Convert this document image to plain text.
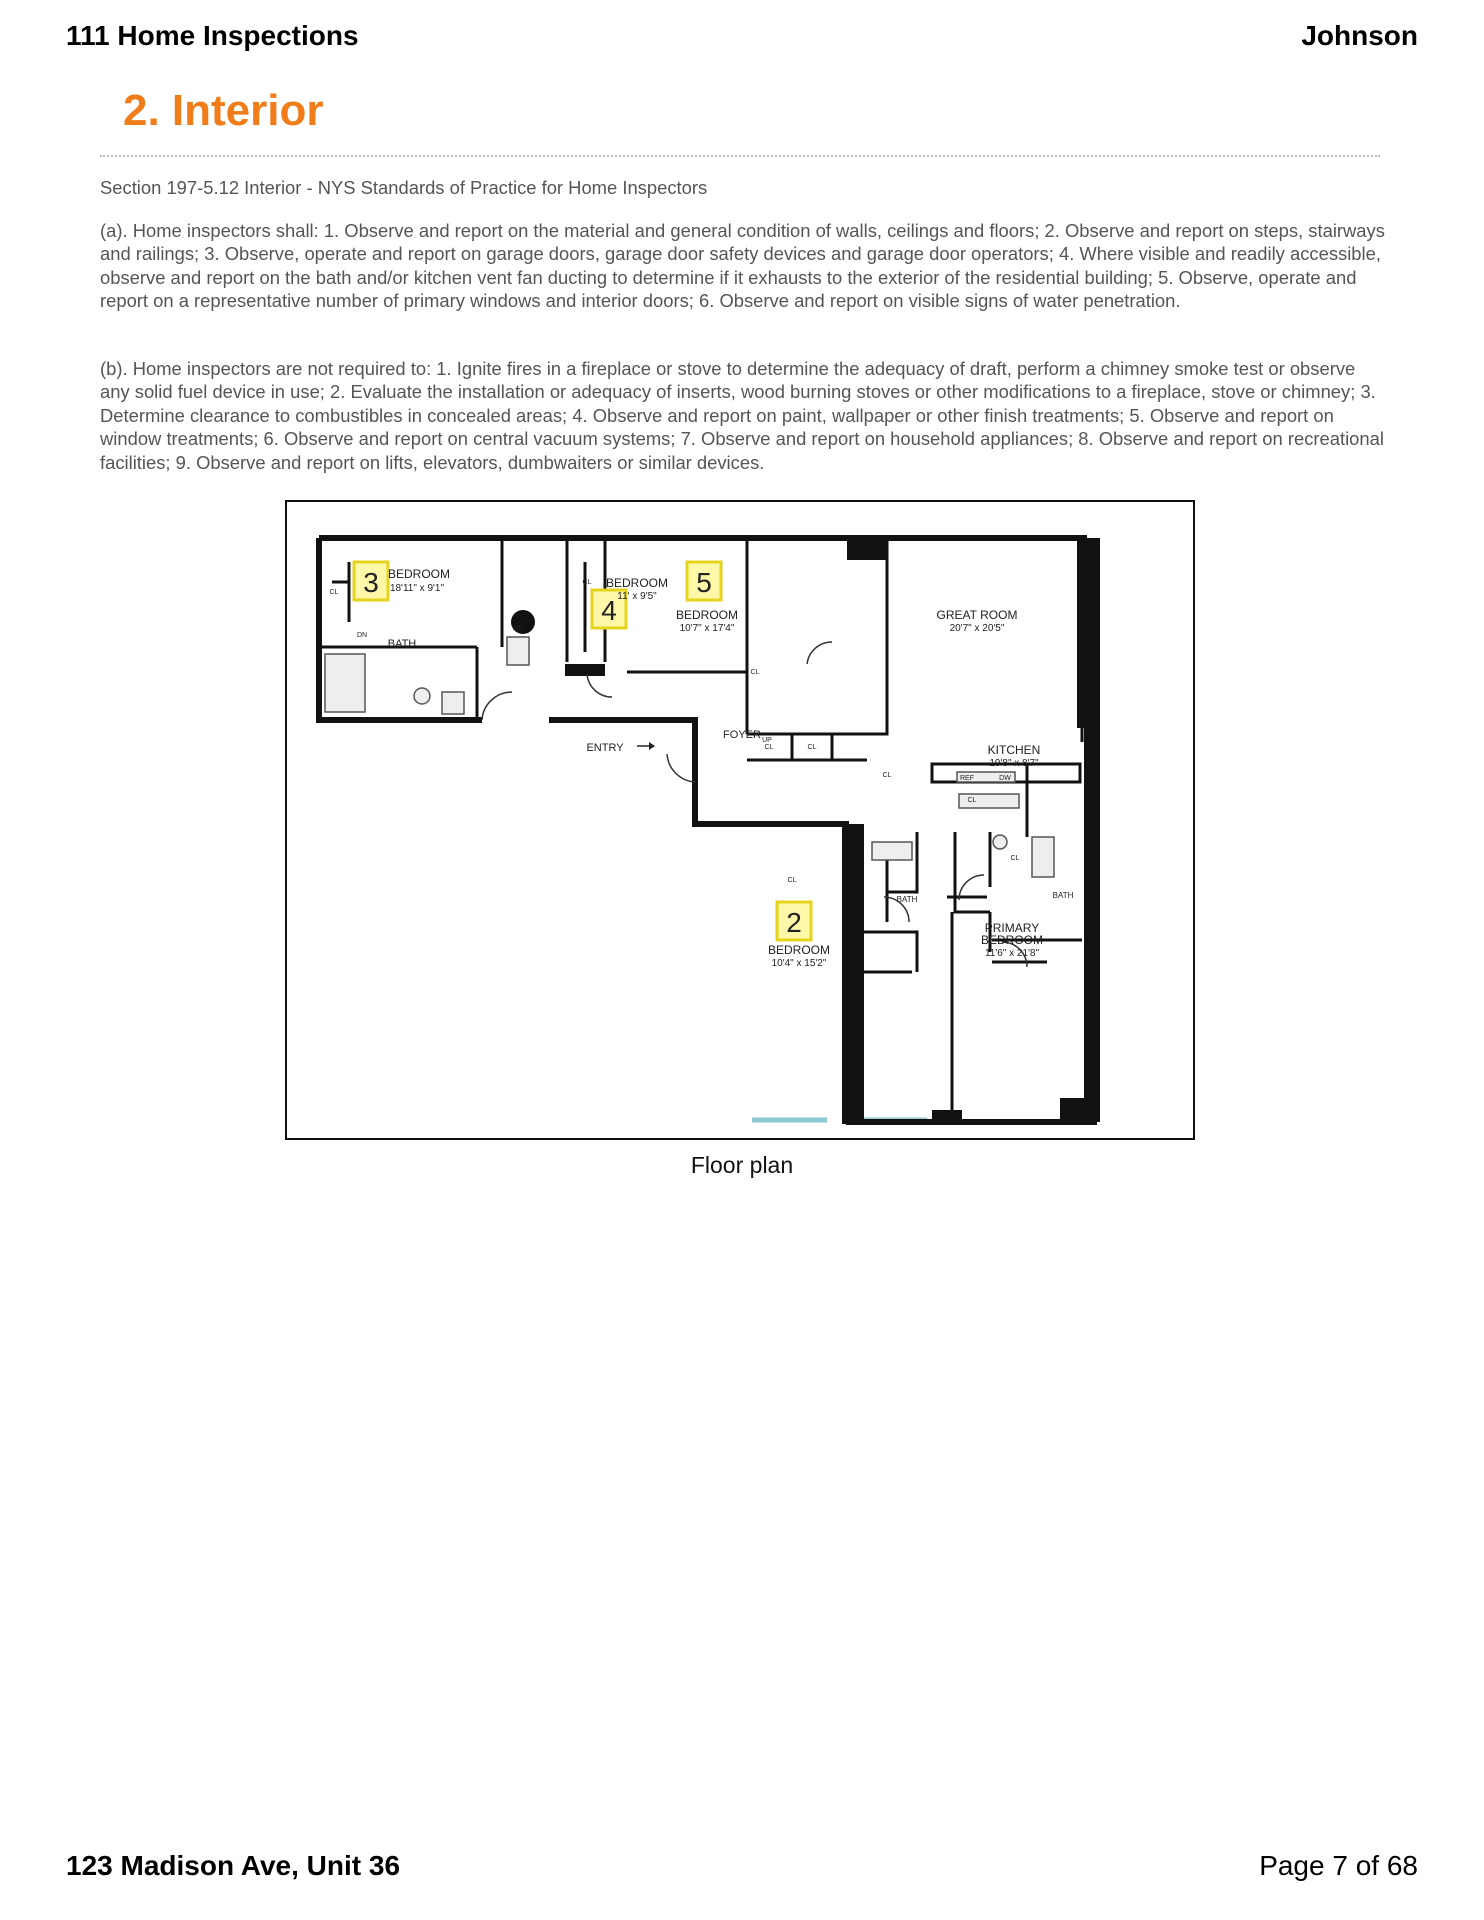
111 Home Inspections	Johnson
2. Interior
Section 197-5.12 Interior - NYS Standards of Practice for Home Inspectors
(a). Home inspectors shall: 1. Observe and report on the material and general condition of walls, ceilings and floors; 2. Observe and report on steps, stairways and railings; 3. Observe, operate and report on garage doors, garage door safety devices and garage door operators; 4. Where visible and readily accessible, observe and report on the bath and/or kitchen vent fan ducting to determine if it exhausts to the exterior of the residential building; 5. Observe, operate and report on a representative number of primary windows and interior doors; 6. Observe and report on visible signs of water penetration.
(b). Home inspectors are not required to: 1. Ignite fires in a fireplace or stove to determine the adequacy of draft, perform a chimney smoke test or observe any solid fuel device in use; 2. Evaluate the installation or adequacy of inserts, wood burning stoves or other modifications to a fireplace, stove or chimney; 3. Determine clearance to combustibles in concealed areas; 4. Observe and report on paint, wallpaper or other finish treatments; 5. Observe and report on window treatments; 6. Observe and report on central vacuum systems; 7. Observe and report on household appliances; 8. Observe and report on recreational facilities; 9. Observe and report on lifts, elevators, dumbwaiters or similar devices.
3
4
5
2
BEDROOM
18'11" x 9'1"	BEDROOM
11' x 9'5"
BEDROOM
10'7" x 17'4"
GREAT ROOM
20'7" x 20'5"
KITCHEN
19'8" x 8'7"
BATH
BATH	BATH
ENTRY
FOYER
BEDROOM
10'4" x 15'2"
PRIMARY
BEDROOM
11'6" x 21'8"
CL
CL
CL
CL	CL
CL
CL
CL
CL
WD
REF	DW
UP
DN
Floor plan
123 Madison Ave, Unit 36	Page 7 of 68
